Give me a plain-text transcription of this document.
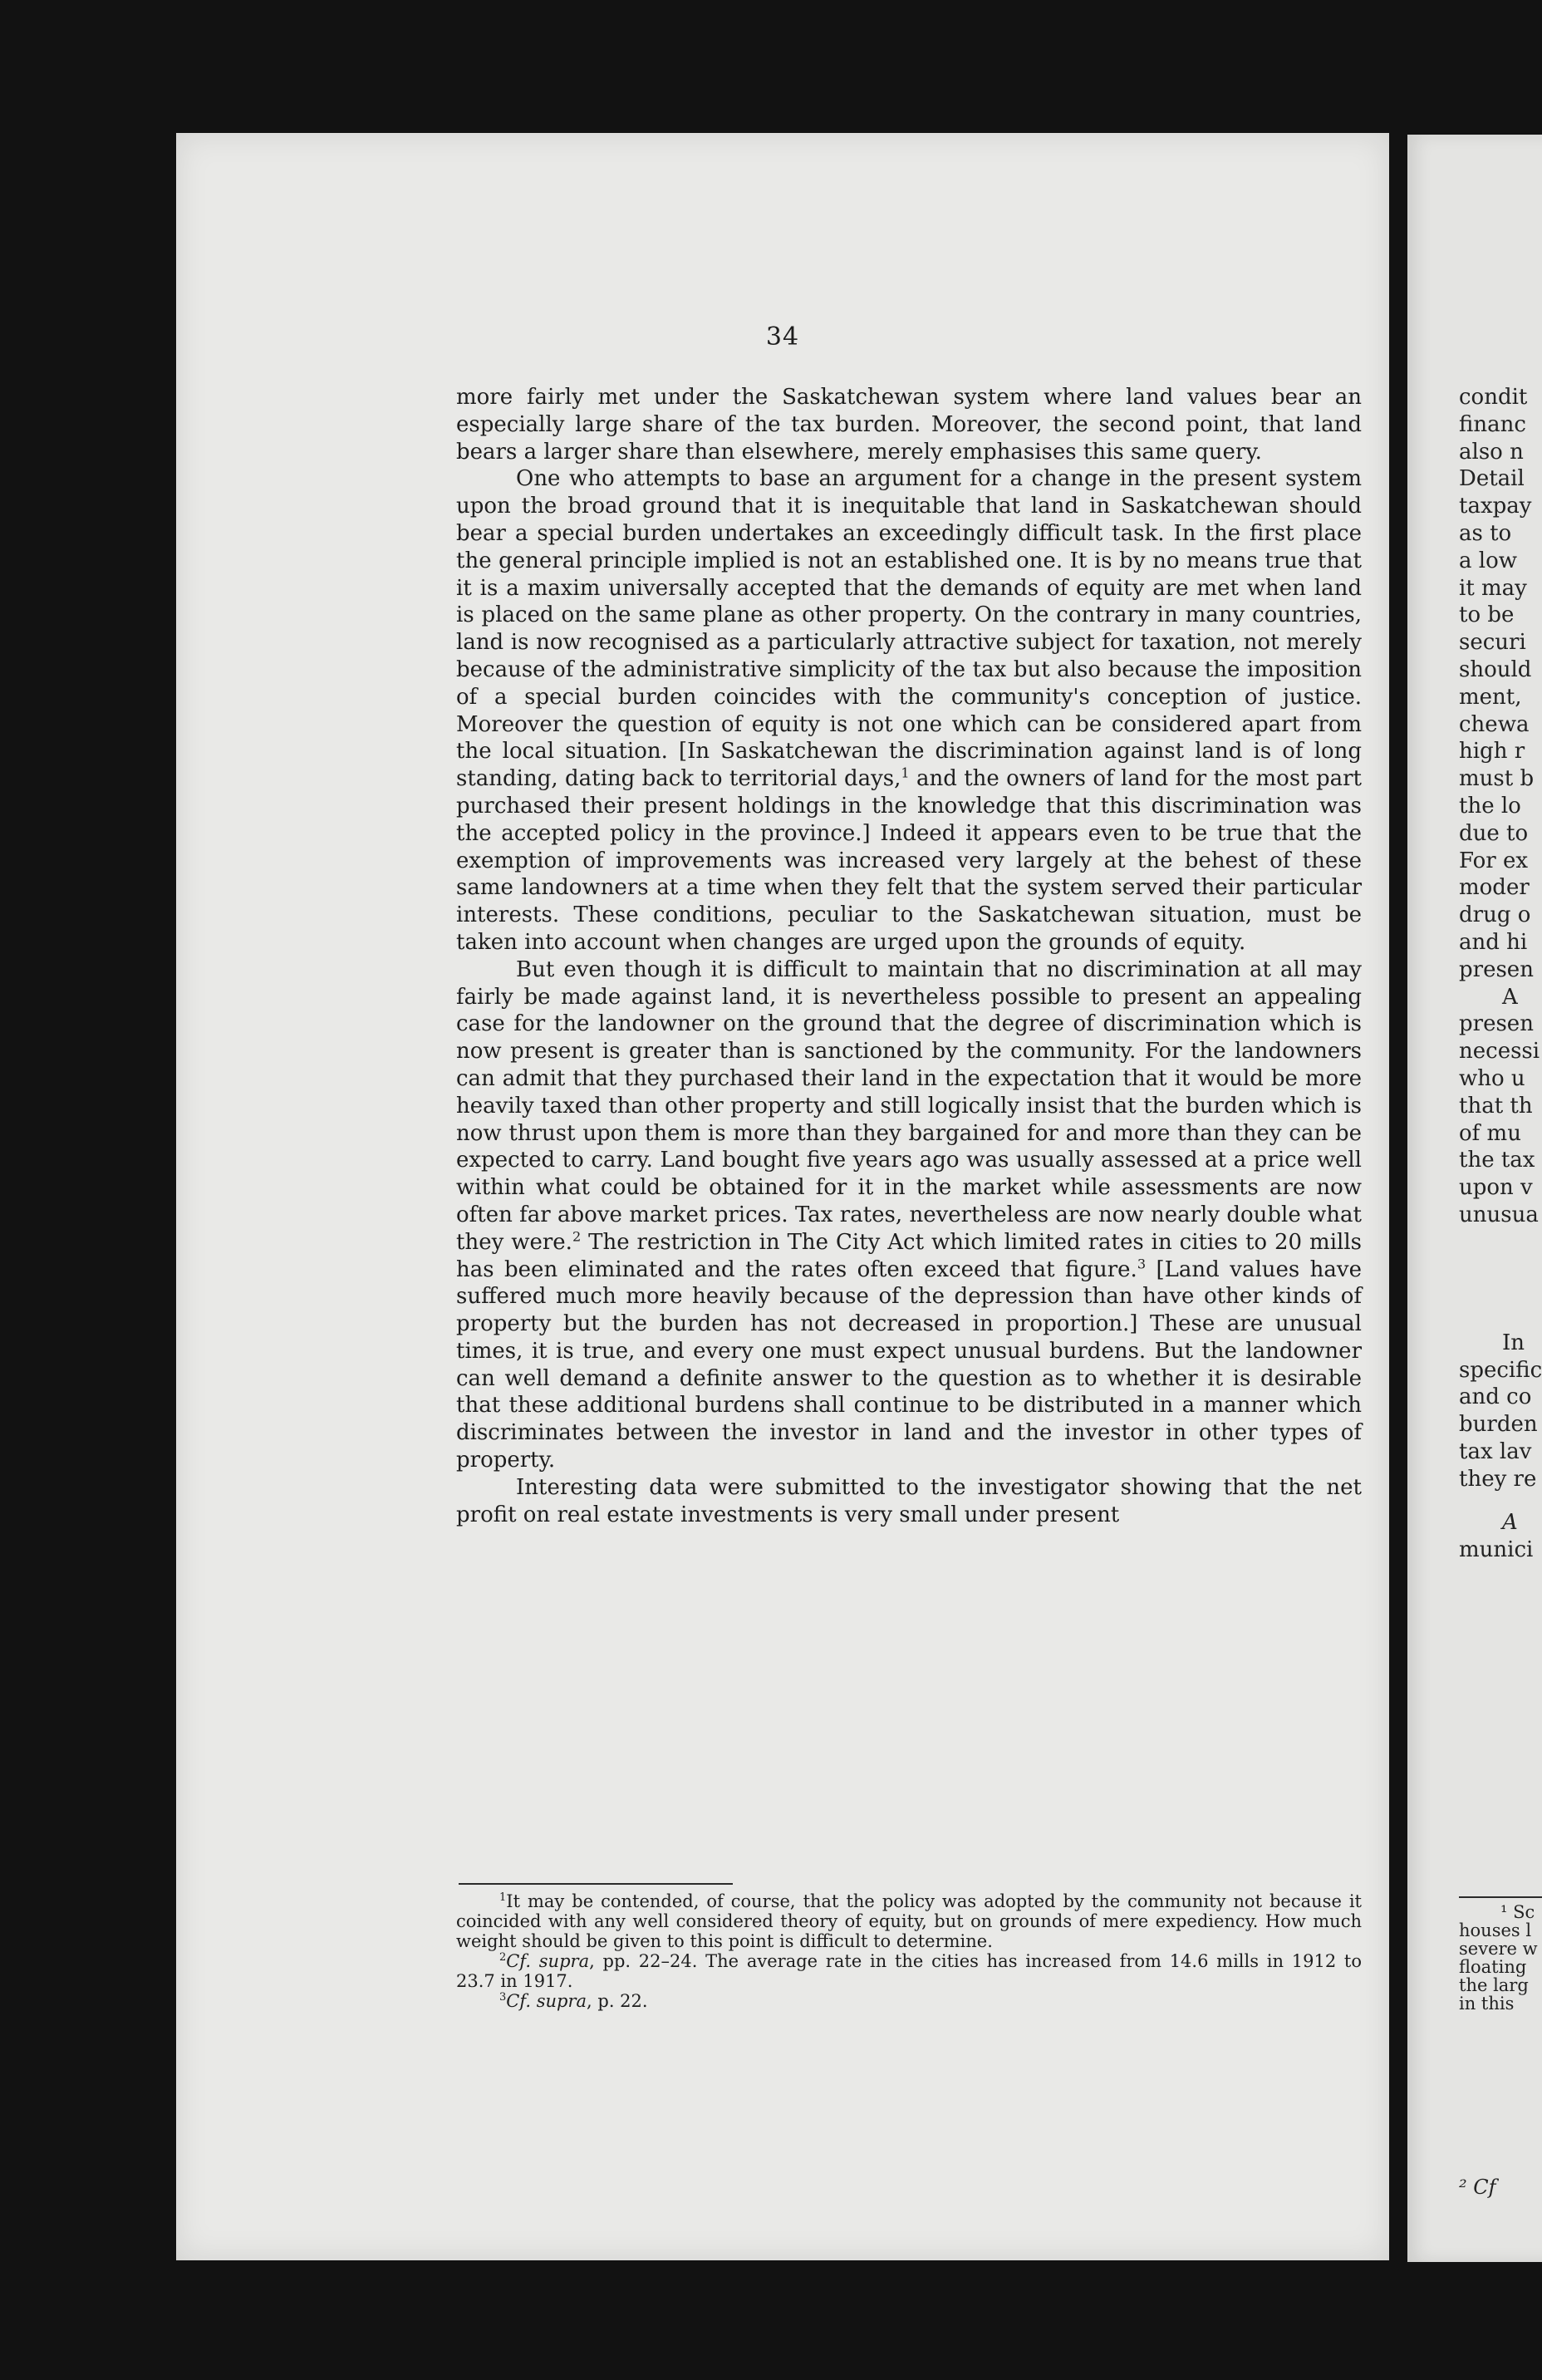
34

more fairly met under the Saskatchewan system where land values bear an especially large share of the tax burden. Moreover, the second point, that land bears a larger share than elsewhere, merely emphasises this same query.

One who attempts to base an argument for a change in the present system upon the broad ground that it is inequitable that land in Saskatchewan should bear a special burden undertakes an exceedingly difficult task. In the first place the general principle implied is not an established one. It is by no means true that it is a maxim universally accepted that the demands of equity are met when land is placed on the same plane as other property. On the contrary in many countries, land is now recognised as a particularly attractive subject for taxation, not merely because of the administrative simplicity of the tax but also because the imposition of a special burden coincides with the community's conception of justice. Moreover the question of equity is not one which can be considered apart from the local situation. [In Saskatchewan the discrimination against land is of long standing, dating back to territorial days,$^1$ and the owners of land for the most part purchased their present holdings in the knowledge that this discrimination was the accepted policy in the province.] Indeed it appears even to be true that the exemption of improvements was increased very largely at the behest of these same landowners at a time when they felt that the system served their particular interests. These conditions, peculiar to the Saskatchewan situation, must be taken into account when changes are urged upon the grounds of equity.

But even though it is difficult to maintain that no discrimination at all may fairly be made against land, it is nevertheless possible to present an appealing case for the landowner on the ground that the degree of discrimination which is now present is greater than is sanctioned by the community. For the landowners can admit that they purchased their land in the expectation that it would be more heavily taxed than other property and still logically insist that the burden which is now thrust upon them is more than they bargained for and more than they can be expected to carry. Land bought five years ago was usually assessed at a price well within what could be obtained for it in the market while assessments are now often far above market prices. Tax rates, nevertheless are now nearly double what they were.$^2$ The restriction in The City Act which limited rates in cities to 20 mills has been eliminated and the rates often exceed that figure.$^3$ [Land values have suffered much more heavily because of the depression than have other kinds of property but the burden has not decreased in proportion.] These are unusual times, it is true, and every one must expect unusual burdens. But the landowner can well demand a definite answer to the question as to whether it is desirable that these additional burdens shall continue to be distributed in a manner which discriminates between the investor in land and the investor in other types of property.

Interesting data were submitted to the investigator showing that the net profit on real estate investments is very small under present

$^1$It may be contended, of course, that the policy was adopted by the community not because it coincided with any well considered theory of equity, but on grounds of mere expediency. How much weight should be given to this point is difficult to determine.

$^2$Cf. supra, pp. 22–24. The average rate in the cities has increased from 14.6 mills in 1912 to 23.7 in 1917.

$^3$Cf. supra, p. 22.

condit
financ
also n
Detail
taxpay
as to
a low
it may
to be
securi
should
ment,
chewa
high r
must b
the lo
due to
For ex
moder
drug o
and hi
presen
A
presen
necessi
who u
that th
of mu
the tax
upon v
unusua
In
specific
and co
burden
tax lav
they re
A
munici
¹ Sc
houses l
severe w
floating
the larg
in this
² Cf
